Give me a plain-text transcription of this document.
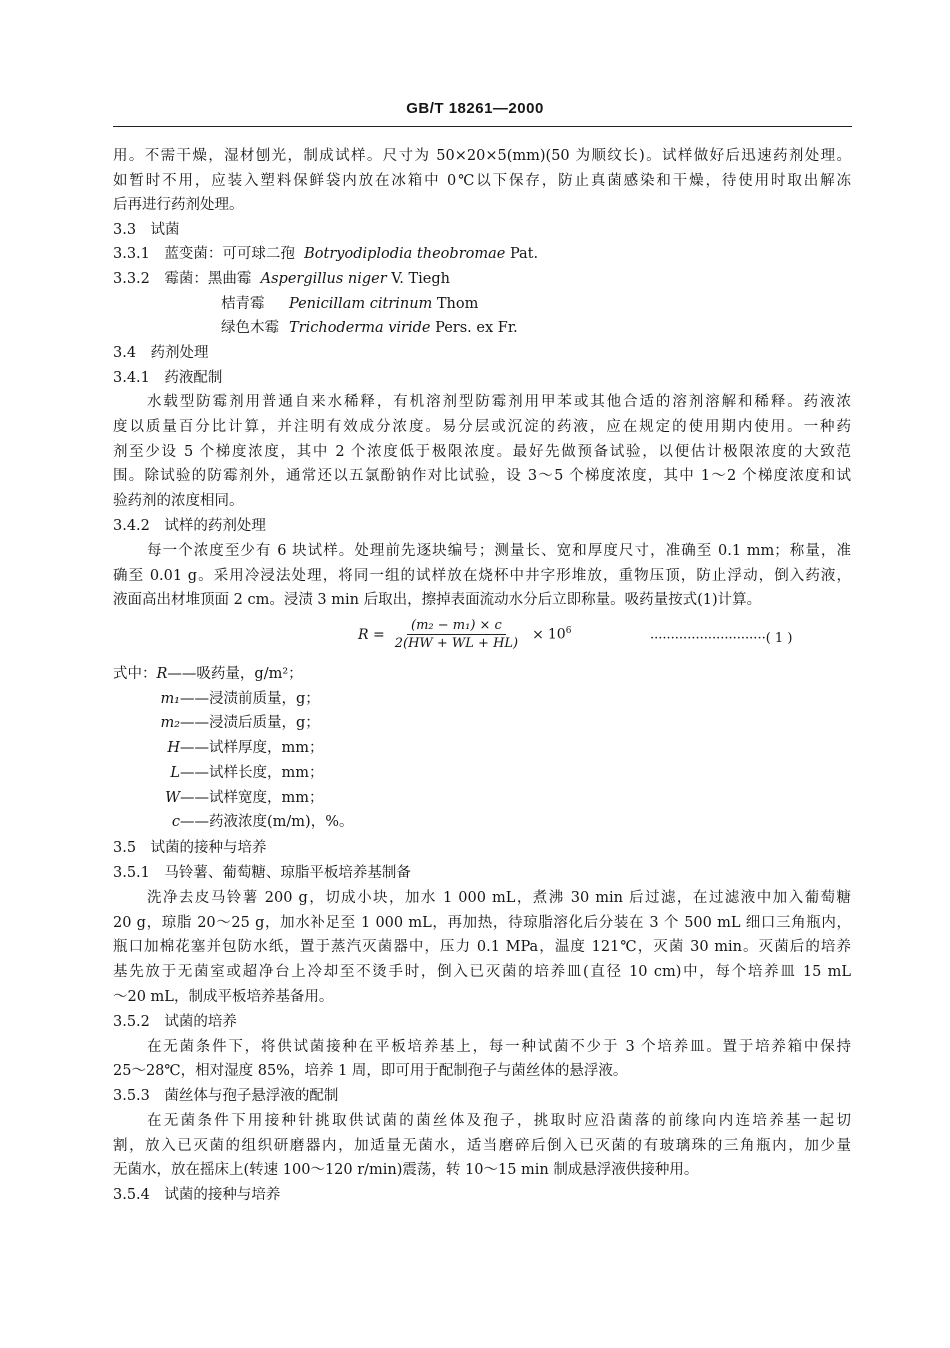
GB/T 18261—2000
用。不需干燥，湿材刨光，制成试样。尺寸为 50×20×5(mm)(50 为顺纹长)。试样做好后迅速药剂处理。
如暂时不用，应装入塑料保鲜袋内放在冰箱中 0℃以下保存，防止真菌感染和干燥，待使用时取出解冻
后再进行药剂处理。
3.3　试菌
3.3.1　蓝变菌：可可球二孢 Botryodiplodia theobromae Pat.
3.3.2　霉菌：黑曲霉 Aspergillus niger V. Tiegh
桔青霉 Penicillam citrinum Thom
绿色木霉 Trichoderma viride Pers. ex Fr.
3.4　药剂处理
3.4.1　药液配制
水载型防霉剂用普通自来水稀释，有机溶剂型防霉剂用甲苯或其他合适的溶剂溶解和稀释。药液浓
度以质量百分比计算，并注明有效成分浓度。易分层或沉淀的药液，应在规定的使用期内使用。一种药
剂至少设 5 个梯度浓度，其中 2 个浓度低于极限浓度。最好先做预备试验，以便估计极限浓度的大致范
围。除试验的防霉剂外，通常还以五氯酚钠作对比试验，设 3～5 个梯度浓度，其中 1～2 个梯度浓度和试
验药剂的浓度相同。
3.4.2　试样的药剂处理
每一个浓度至少有 6 块试样。处理前先逐块编号；测量长、宽和厚度尺寸，准确至 0.1 mm；称量，准
确至 0.01 g。采用冷浸法处理，将同一组的试样放在烧杯中井字形堆放，重物压顶，防止浮动，倒入药液，
液面高出材堆顶面 2 cm。浸渍 3 min 后取出，擦掉表面流动水分后立即称量。吸药量按式(1)计算。
$R = \frac{\text{(m₂ − m₁) × c}}{2(HW + WL + HL)} \times 10^6$	····························( 1 )
式中：R——吸药量，g/m²；
m₁——浸渍前质量，g；
m₂——浸渍后质量，g；
H——试样厚度，mm；
L——试样长度，mm；
W——试样宽度，mm；
c——药液浓度(m/m)，%。
3.5　试菌的接种与培养
3.5.1　马铃薯、葡萄糖、琼脂平板培养基制备
洗净去皮马铃薯 200 g，切成小块，加水 1 000 mL，煮沸 30 min 后过滤，在过滤液中加入葡萄糖
20 g，琼脂 20～25 g，加水补足至 1 000 mL，再加热，待琼脂溶化后分装在 3 个 500 mL 细口三角瓶内，
瓶口加棉花塞并包防水纸，置于蒸汽灭菌器中，压力 0.1 MPa，温度 121℃，灭菌 30 min。灭菌后的培养
基先放于无菌室或超净台上冷却至不烫手时，倒入已灭菌的培养皿(直径 10 cm)中，每个培养皿 15 mL
～20 mL，制成平板培养基备用。
3.5.2　试菌的培养
在无菌条件下，将供试菌接种在平板培养基上，每一种试菌不少于 3 个培养皿。置于培养箱中保持
25～28℃，相对湿度 85%，培养 1 周，即可用于配制孢子与菌丝体的悬浮液。
3.5.3　菌丝体与孢子悬浮液的配制
在无菌条件下用接种针挑取供试菌的菌丝体及孢子，挑取时应沿菌落的前缘向内连培养基一起切
割，放入已灭菌的组织研磨器内，加适量无菌水，适当磨碎后倒入已灭菌的有玻璃珠的三角瓶内，加少量
无菌水，放在摇床上(转速 100～120 r/min)震荡，转 10～15 min 制成悬浮液供接种用。
3.5.4　试菌的接种与培养
